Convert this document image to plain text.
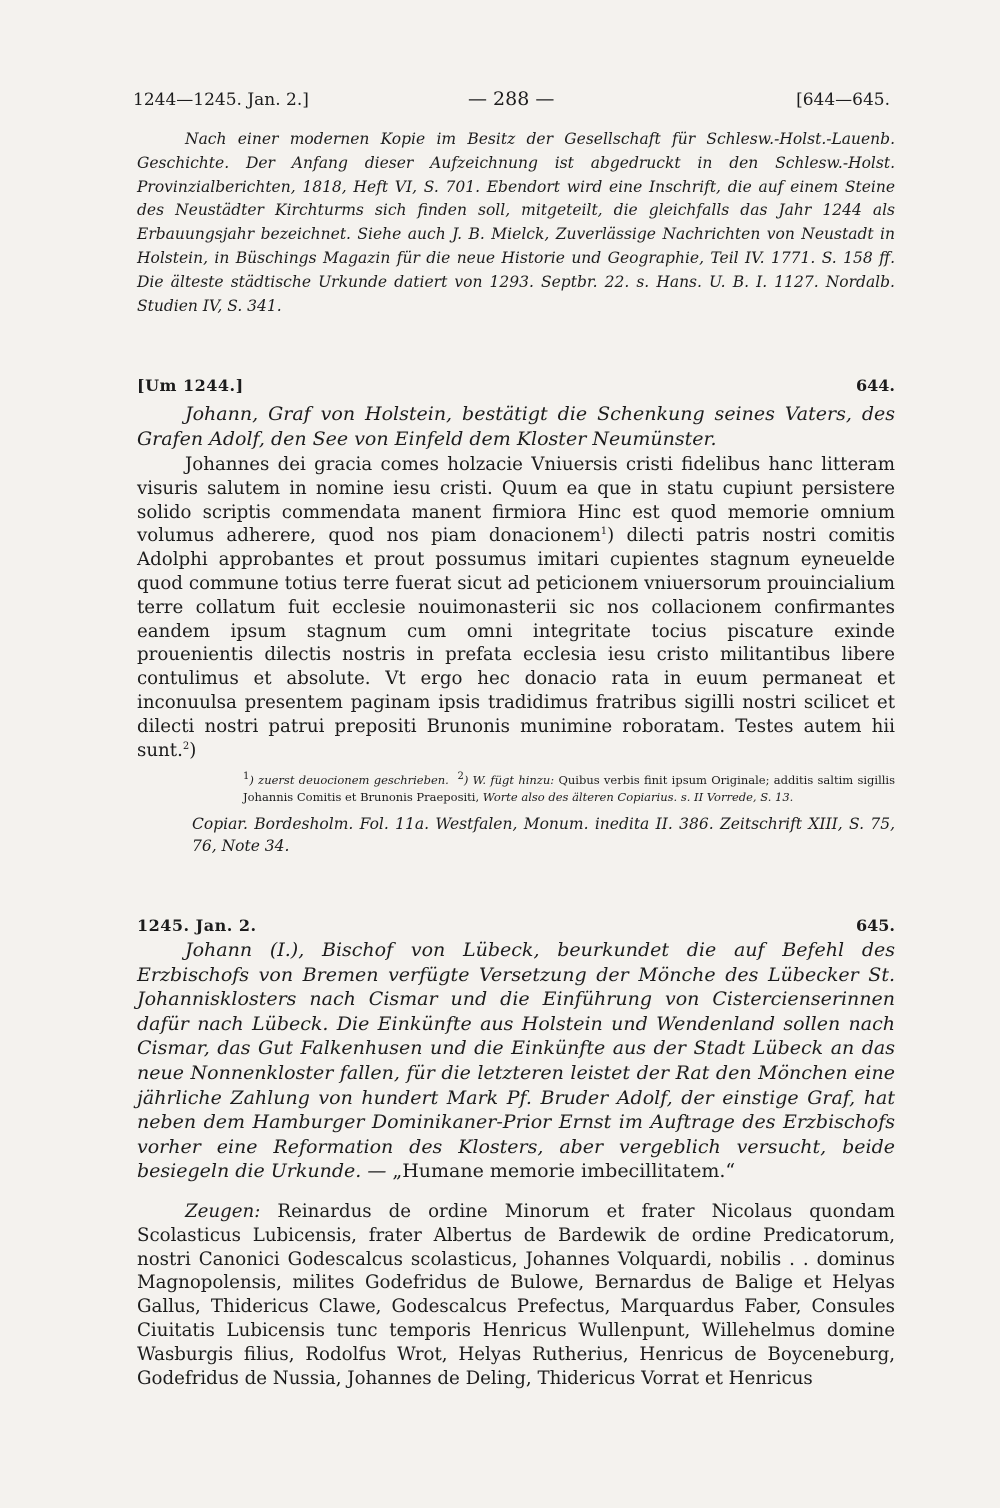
1244—1245. Jan. 2.]	— 288 —	[644—645.
Nach einer modernen Kopie im Besitz der Gesellschaft für Schlesw.-Holst.-Lauenb. Geschichte. Der Anfang dieser Aufzeichnung ist abgedruckt in den Schlesw.-Holst. Provinzialberichten, 1818, Heft VI, S. 701. Ebendort wird eine Inschrift, die auf einem Steine des Neustädter Kirchturms sich finden soll, mitgeteilt, die gleichfalls das Jahr 1244 als Erbauungsjahr bezeichnet. Siehe auch J. B. Mielck, Zuverlässige Nachrichten von Neustadt in Holstein, in Büschings Magazin für die neue Historie und Geographie, Teil IV. 1771. S. 158 ff. Die älteste städtische Urkunde datiert von 1293. Septbr. 22. s. Hans. U. B. I. 1127. Nordalb. Studien IV, S. 341.
[Um 1244.]	644.
Johann, Graf von Holstein, bestätigt die Schenkung seines Vaters, des Grafen Adolf, den See von Einfeld dem Kloster Neumünster.
Johannes dei gracia comes holzacie Vniuersis cristi fidelibus hanc litteram visuris salutem in nomine iesu cristi. Quum ea que in statu cupiunt persistere solido scriptis commendata manent firmiora Hinc est quod memorie omnium volumus adherere, quod nos piam donacionem$^1$) dilecti patris nostri comitis Adolphi approbantes et prout possumus imitari cupientes stagnum eyneuelde quod commune totius terre fuerat sicut ad peticionem vniuersorum prouincialium terre collatum fuit ecclesie nouimonasterii sic nos collacionem confirmantes eandem ipsum stagnum cum omni integritate tocius piscature exinde prouenientis dilectis nostris in prefata ecclesia iesu cristo militantibus libere contulimus et absolute. Vt ergo hec donacio rata in euum permaneat et inconuulsa presentem paginam ipsis tradidimus fratribus sigilli nostri scilicet et dilecti nostri patrui prepositi Brunonis munimine roboratam. Testes autem hii sunt.$^2$)
$^1$) zuerst deuocionem geschrieben. $^2$) W. fügt hinzu: Quibus verbis finit ipsum Originale; additis saltim sigillis Johannis Comitis et Brunonis Praepositi, Worte also des älteren Copiarius. s. II Vorrede, S. 13.
Copiar. Bordesholm. Fol. 11a. Westfalen, Monum. inedita II. 386. Zeitschrift XIII, S. 75, 76, Note 34.
1245. Jan. 2.	645.
Johann (I.), Bischof von Lübeck, beurkundet die auf Befehl des Erzbischofs von Bremen verfügte Versetzung der Mönche des Lübecker St. Johannisklosters nach Cismar und die Einführung von Cistercienserinnen dafür nach Lübeck. Die Einkünfte aus Holstein und Wendenland sollen nach Cismar, das Gut Falkenhusen und die Einkünfte aus der Stadt Lübeck an das neue Nonnenkloster fallen, für die letzteren leistet der Rat den Mönchen eine jährliche Zahlung von hundert Mark Pf. Bruder Adolf, der einstige Graf, hat neben dem Hamburger Dominikaner-Prior Ernst im Auftrage des Erzbischofs vorher eine Reformation des Klosters, aber vergeblich versucht, beide besiegeln die Urkunde. — „Humane memorie imbecillitatem.“
Zeugen: Reinardus de ordine Minorum et frater Nicolaus quondam Scolasticus Lubicensis, frater Albertus de Bardewik de ordine Predicatorum, nostri Canonici Godescalcus scolasticus, Johannes Volquardi, nobilis . . dominus Magnopolensis, milites Godefridus de Bulowe, Bernardus de Balige et Helyas Gallus, Thidericus Clawe, Godescalcus Prefectus, Marquardus Faber, Consules Ciuitatis Lubicensis tunc temporis Henricus Wullenpunt, Willehelmus domine Wasburgis filius, Rodolfus Wrot, Helyas Rutherius, Henricus de Boyceneburg, Godefridus de Nussia, Johannes de Deling, Thidericus Vorrat et Henricus
